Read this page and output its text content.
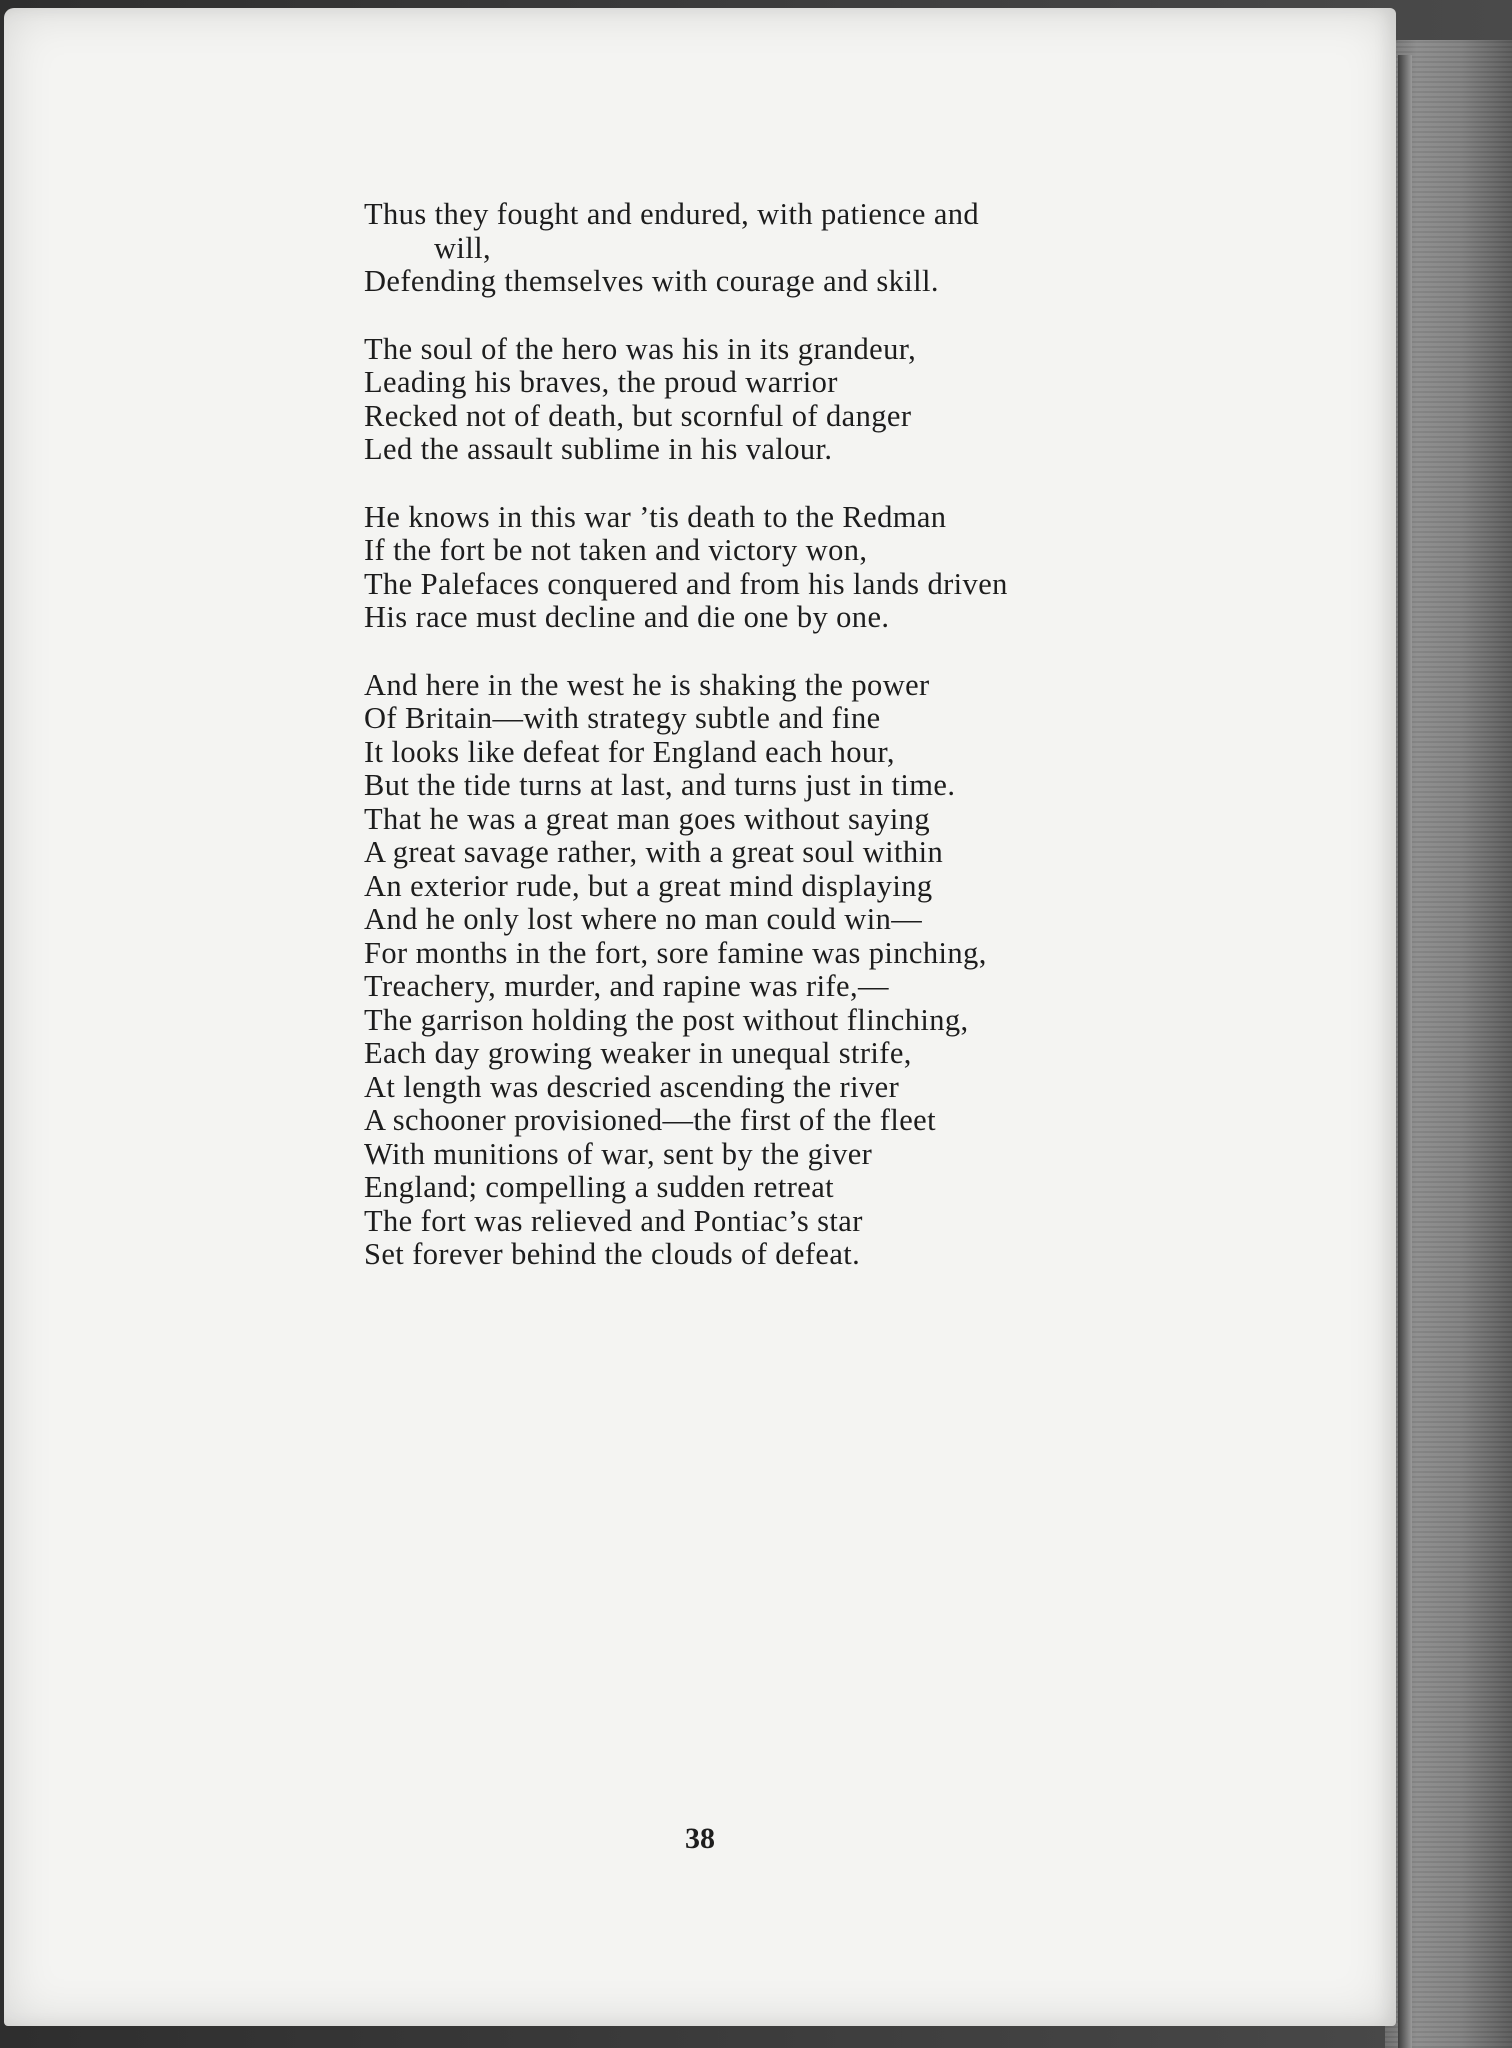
Thus they fought and endured, with patience and
will,
Defending themselves with courage and skill.
The soul of the hero was his in its grandeur,
Leading his braves, the proud warrior
Recked not of death, but scornful of danger
Led the assault sublime in his valour.
He knows in this war ’tis death to the Redman
If the fort be not taken and victory won,
The Palefaces conquered and from his lands driven
His race must decline and die one by one.
And here in the west he is shaking the power
Of Britain—with strategy subtle and fine
It looks like defeat for England each hour,
But the tide turns at last, and turns just in time.
That he was a great man goes without saying
A great savage rather, with a great soul within
An exterior rude, but a great mind displaying
And he only lost where no man could win—
For months in the fort, sore famine was pinching,
Treachery, murder, and rapine was rife,—
The garrison holding the post without flinching,
Each day growing weaker in unequal strife,
At length was descried ascending the river
A schooner provisioned—the first of the fleet
With munitions of war, sent by the giver
England; compelling a sudden retreat
The fort was relieved and Pontiac’s star
Set forever behind the clouds of defeat.
38
